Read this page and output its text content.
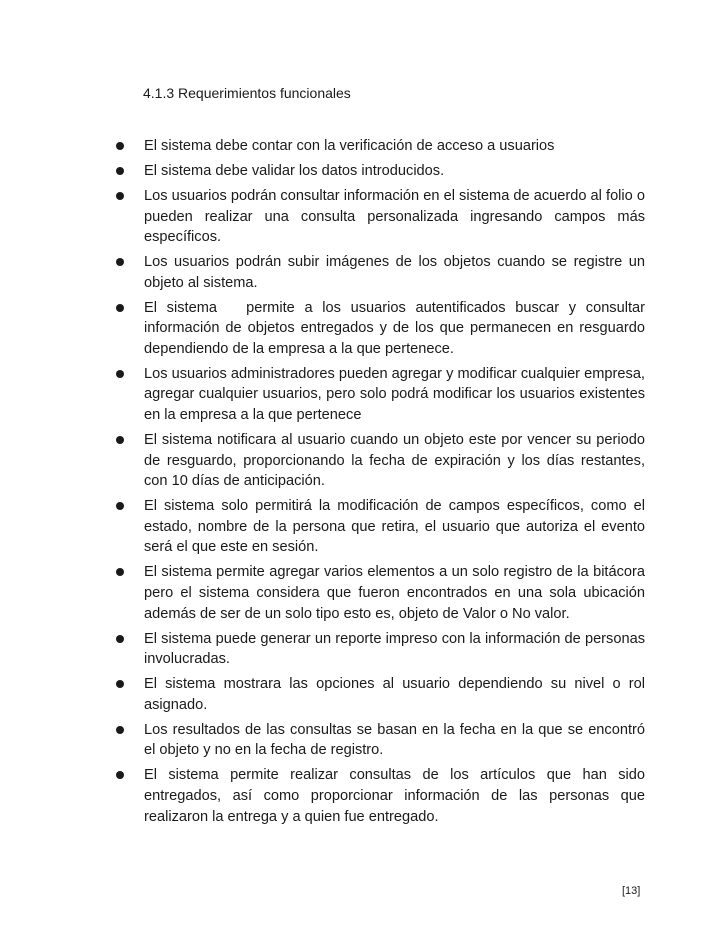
4.1.3 Requerimientos funcionales
El sistema debe contar con la verificación de acceso a usuarios
El sistema debe validar los datos introducidos.
Los usuarios podrán consultar información en el sistema de acuerdo al folio o pueden realizar una consulta personalizada ingresando campos más específicos.
Los usuarios podrán subir imágenes de los objetos cuando se registre un objeto al sistema.
El sistema   permite a los usuarios autentificados buscar y consultar información de objetos entregados y de los que permanecen en resguardo dependiendo de la empresa a la que pertenece.
Los usuarios administradores pueden agregar y modificar cualquier empresa, agregar cualquier usuarios, pero solo podrá modificar los usuarios existentes en la empresa a la que pertenece
El sistema notificara al usuario cuando un objeto este por vencer su periodo de resguardo, proporcionando la fecha de expiración y los días restantes, con 10 días de anticipación.
El sistema solo permitirá la modificación de campos específicos, como el estado, nombre de la persona que retira, el usuario que autoriza el evento será el que este en sesión.
El sistema permite agregar varios elementos a un solo registro de la bitácora pero el sistema considera que fueron encontrados en una sola ubicación además de ser de un solo tipo esto es, objeto de Valor o No valor.
El sistema puede generar un reporte impreso con la información de personas involucradas.
El sistema mostrara las opciones al usuario dependiendo su nivel o rol asignado.
Los resultados de las consultas se basan en la fecha en la que se encontró el objeto y no en la fecha de registro.
El sistema permite realizar consultas de los artículos que han sido entregados, así como proporcionar información de las personas que realizaron la entrega y a quien fue entregado.
[13]
